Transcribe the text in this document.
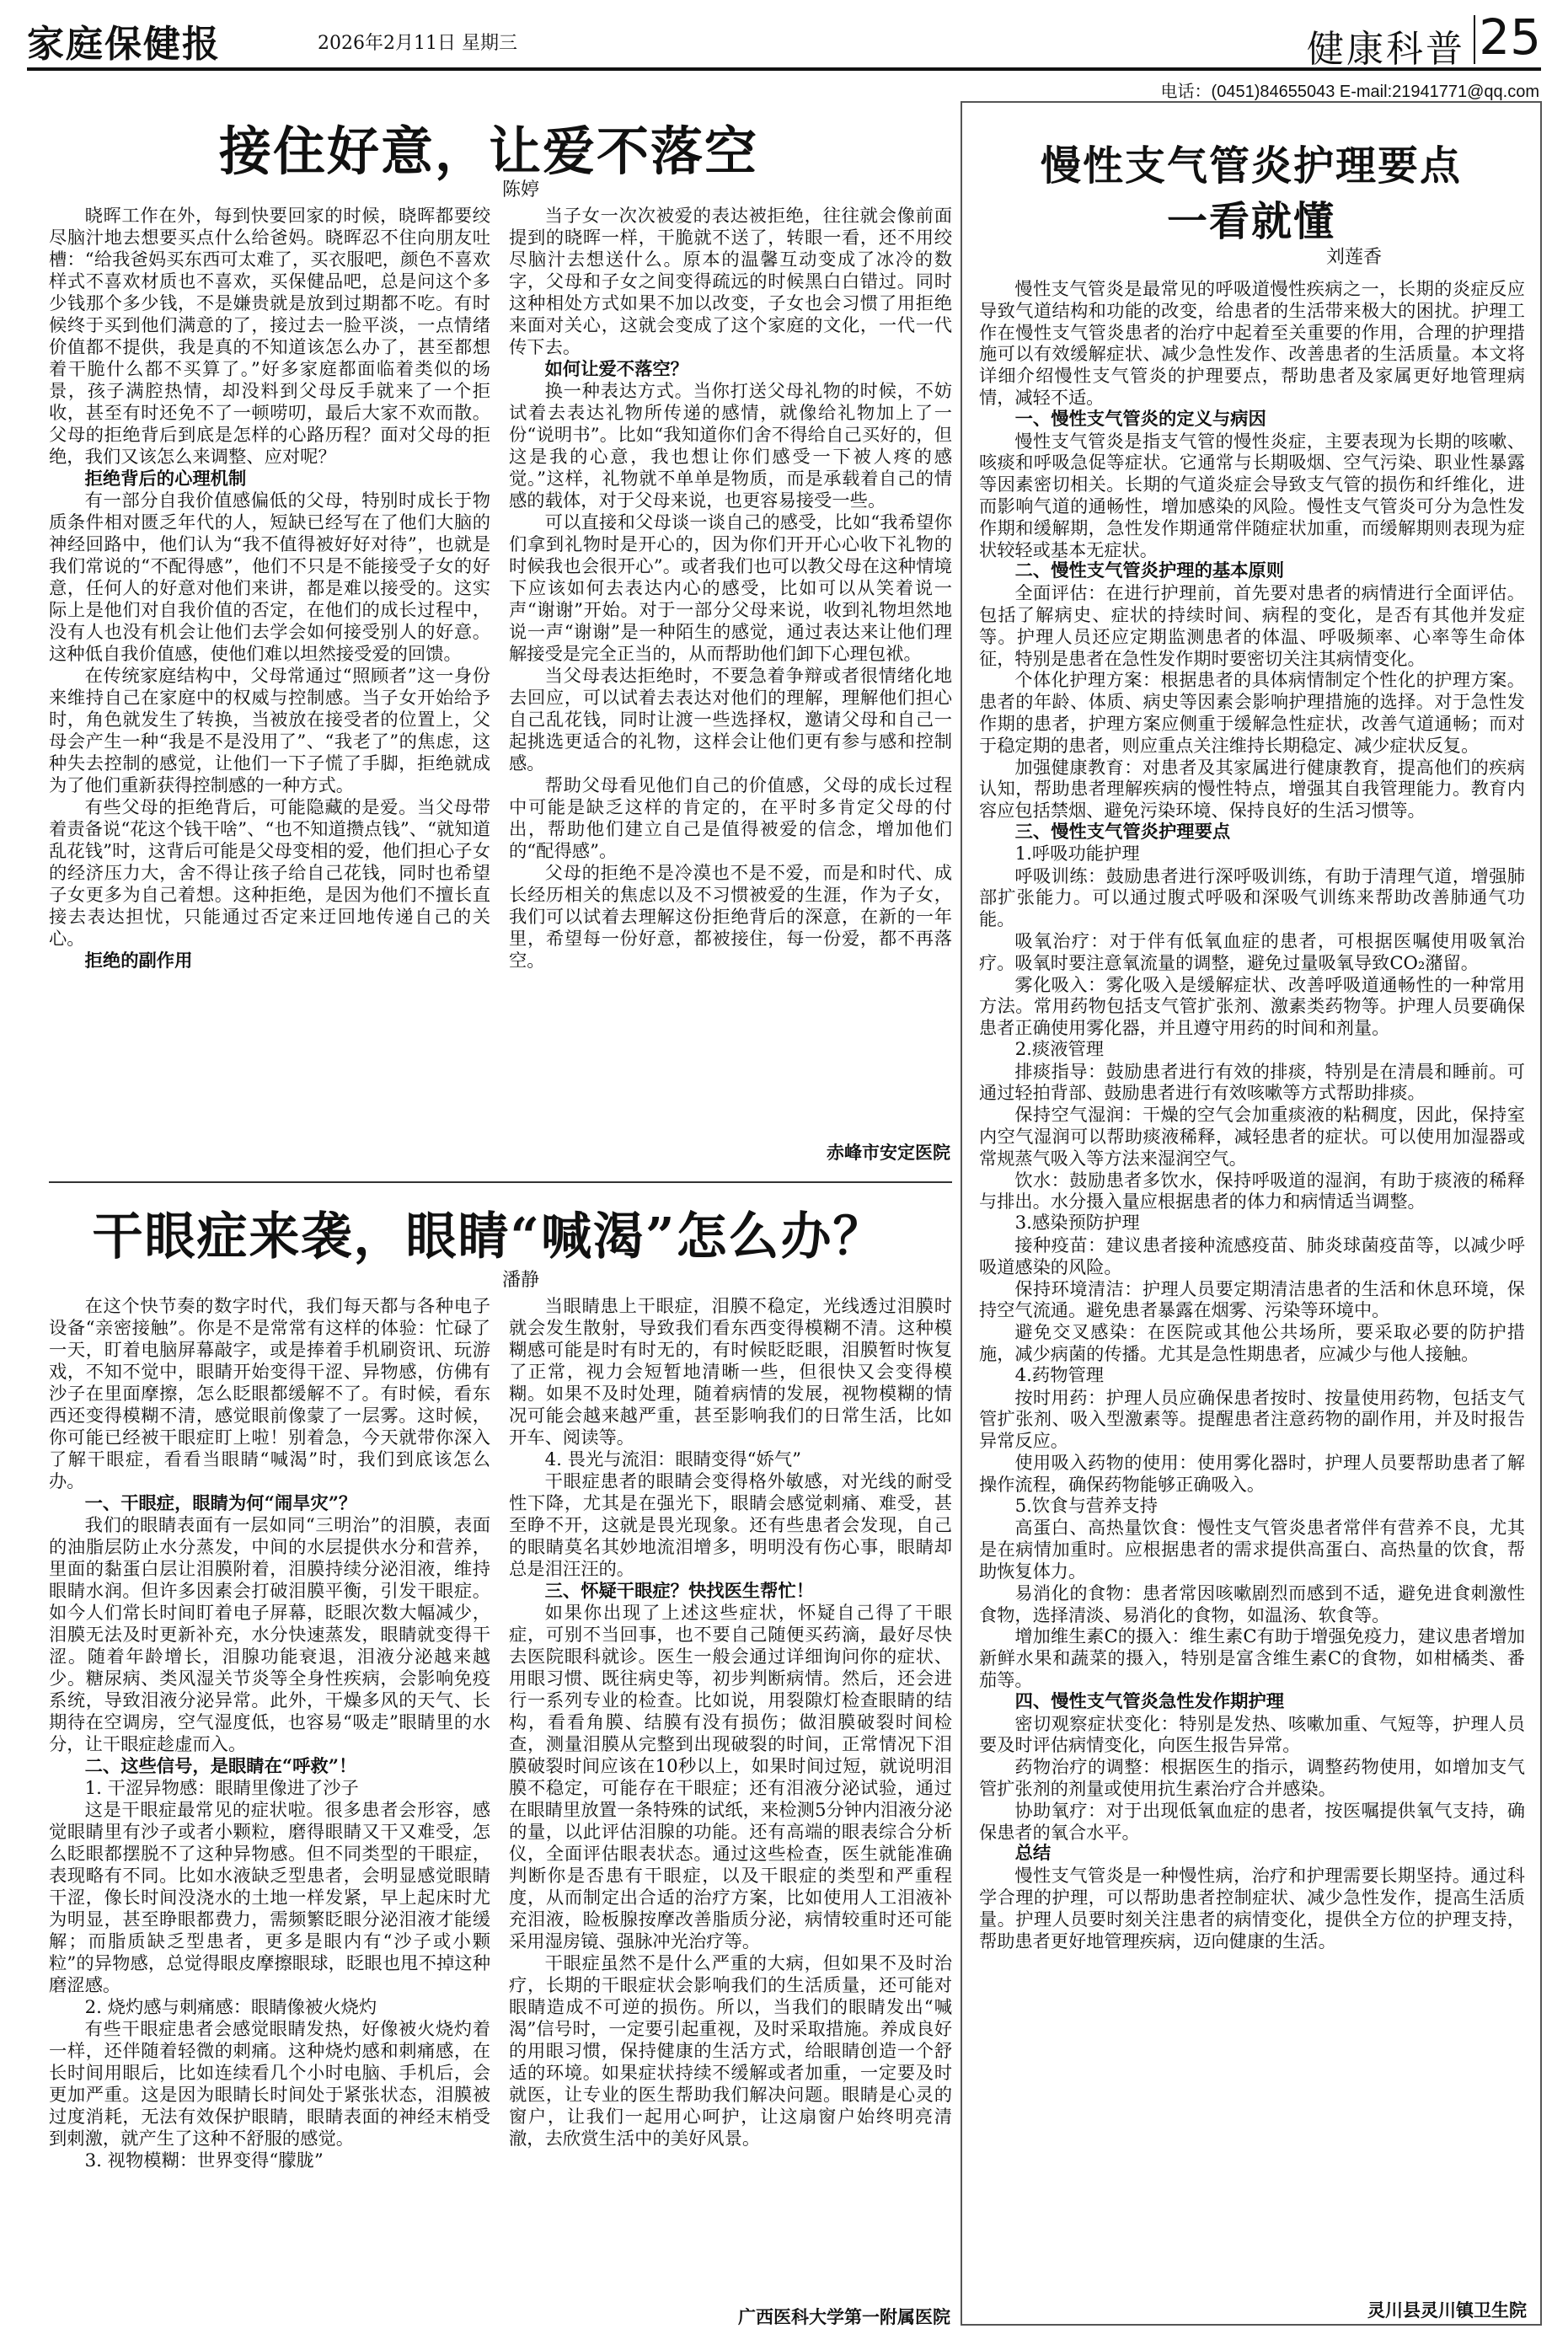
家庭保健报	2026年2月11日 星期三	健康科普 25
电话：(0451)84655043 E-mail:21941771@qq.com
接住好意，让爱不落空
陈婷

晓晖工作在外，每到快要回家的时候，晓晖都要绞尽脑汁地去想要买点什么给爸妈。晓晖忍不住向朋友吐槽：“给我爸妈买东西可太难了，买衣服吧，颜色不喜欢样式不喜欢材质也不喜欢，买保健品吧，总是问这个多少钱那个多少钱，不是嫌贵就是放到过期都不吃。有时候终于买到他们满意的了，接过去一脸平淡，一点情绪价值都不提供，我是真的不知道该怎么办了，甚至都想着干脆什么都不买算了。”好多家庭都面临着类似的场景，孩子满腔热情，却没料到父母反手就来了一个拒收，甚至有时还免不了一顿唠叨，最后大家不欢而散。父母的拒绝背后到底是怎样的心路历程？面对父母的拒绝，我们又该怎么来调整、应对呢？

拒绝背后的心理机制

有一部分自我价值感偏低的父母，特别时成长于物质条件相对匮乏年代的人，短缺已经写在了他们大脑的神经回路中，他们认为“我不值得被好好对待”，也就是我们常说的“不配得感”，他们不只是不能接受子女的好意，任何人的好意对他们来讲，都是难以接受的。这实际上是他们对自我价值的否定，在他们的成长过程中，没有人也没有机会让他们去学会如何接受别人的好意。这种低自我价值感，使他们难以坦然接受爱的回馈。

在传统家庭结构中，父母常通过“照顾者”这一身份来维持自己在家庭中的权威与控制感。当子女开始给予时，角色就发生了转换，当被放在接受者的位置上，父母会产生一种“我是不是没用了”、“我老了”的焦虑，这种失去控制的感觉，让他们一下子慌了手脚，拒绝就成为了他们重新获得控制感的一种方式。

有些父母的拒绝背后，可能隐藏的是爱。当父母带着责备说“花这个钱干啥”、“也不知道攒点钱”、“就知道乱花钱”时，这背后可能是父母变相的爱，他们担心子女的经济压力大，舍不得让孩子给自己花钱，同时也希望子女更多为自己着想。这种拒绝，是因为他们不擅长直接去表达担忧，只能通过否定来迂回地传递自己的关心。

拒绝的副作用

当子女一次次被爱的表达被拒绝，往往就会像前面提到的晓晖一样，干脆就不送了，转眼一看，还不用绞尽脑汁去想送什么。原本的温馨互动变成了冰冷的数字，父母和子女之间变得疏远的时候黑白白错过。同时这种相处方式如果不加以改变，子女也会习惯了用拒绝来面对关心，这就会变成了这个家庭的文化，一代一代传下去。

如何让爱不落空？

换一种表达方式。当你打送父母礼物的时候，不妨试着去表达礼物所传递的感情，就像给礼物加上了一份“说明书”。比如“我知道你们舍不得给自己买好的，但这是我的心意，我也想让你们感受一下被人疼的感觉。”这样，礼物就不单单是物质，而是承载着自己的情感的载体，对于父母来说，也更容易接受一些。

可以直接和父母谈一谈自己的感受，比如“我希望你们拿到礼物时是开心的，因为你们开开心心收下礼物的时候我也会很开心”。或者我们也可以教父母在这种情境下应该如何去表达内心的感受，比如可以从笑着说一声“谢谢”开始。对于一部分父母来说，收到礼物坦然地说一声“谢谢”是一种陌生的感觉，通过表达来让他们理解接受是完全正当的，从而帮助他们卸下心理包袱。

当父母表达拒绝时，不要急着争辩或者很情绪化地去回应，可以试着去表达对他们的理解，理解他们担心自己乱花钱，同时让渡一些选择权，邀请父母和自己一起挑选更适合的礼物，这样会让他们更有参与感和控制感。

帮助父母看见他们自己的价值感，父母的成长过程中可能是缺乏这样的肯定的，在平时多肯定父母的付出，帮助他们建立自己是值得被爱的信念，增加他们的“配得感”。

父母的拒绝不是冷漠也不是不爱，而是和时代、成长经历相关的焦虑以及不习惯被爱的生涯，作为子女，我们可以试着去理解这份拒绝背后的深意，在新的一年里，希望每一份好意，都被接住，每一份爱，都不再落空。

赤峰市安定医院
干眼症来袭，眼睛“喊渴”怎么办？
潘静

在这个快节奏的数字时代，我们每天都与各种电子设备“亲密接触”。你是不是常常有这样的体验：忙碌了一天，盯着电脑屏幕敲字，或是捧着手机刷资讯、玩游戏，不知不觉中，眼睛开始变得干涩、异物感，仿佛有沙子在里面摩擦，怎么眨眼都缓解不了。有时候，看东西还变得模糊不清，感觉眼前像蒙了一层雾。这时候，你可能已经被干眼症盯上啦！别着急，今天就带你深入了解干眼症，看看当眼睛“喊渴”时，我们到底该怎么办。

一、干眼症，眼睛为何“闹旱灾”？

我们的眼睛表面有一层如同“三明治”的泪膜，表面的油脂层防止水分蒸发，中间的水层提供水分和营养，里面的黏蛋白层让泪膜附着，泪膜持续分泌泪液，维持眼睛水润。但许多因素会打破泪膜平衡，引发干眼症。如今人们常长时间盯着电子屏幕，眨眼次数大幅减少，泪膜无法及时更新补充，水分快速蒸发，眼睛就变得干涩。随着年龄增长，泪腺功能衰退，泪液分泌越来越少。糖尿病、类风湿关节炎等全身性疾病，会影响免疫系统，导致泪液分泌异常。此外，干燥多风的天气、长期待在空调房，空气湿度低，也容易“吸走”眼睛里的水分，让干眼症趁虚而入。

二、这些信号，是眼睛在“呼救”！
1. 干涩异物感：眼睛里像进了沙子

这是干眼症最常见的症状啦。很多患者会形容，感觉眼睛里有沙子或者小颗粒，磨得眼睛又干又难受，怎么眨眼都摆脱不了这种异物感。但不同类型的干眼症，表现略有不同。比如水液缺乏型患者，会明显感觉眼睛干涩，像长时间没浇水的土地一样发紧，早上起床时尤为明显，甚至睁眼都费力，需频繁眨眼分泌泪液才能缓解；而脂质缺乏型患者，更多是眼内有“沙子或小颗粒”的异物感，总觉得眼皮摩擦眼球，眨眼也甩不掉这种磨涩感。

2. 烧灼感与刺痛感：眼睛像被火烧灼

有些干眼症患者会感觉眼睛发热，好像被火烧灼着一样，还伴随着轻微的刺痛。这种烧灼感和刺痛感，在长时间用眼后，比如连续看几个小时电脑、手机后，会更加严重。这是因为眼睛长时间处于紧张状态，泪膜被过度消耗，无法有效保护眼睛，眼睛表面的神经末梢受到刺激，就产生了这种不舒服的感觉。

3. 视物模糊：世界变得“朦胧”

当眼睛患上干眼症，泪膜不稳定，光线透过泪膜时就会发生散射，导致我们看东西变得模糊不清。这种模糊感可能是时有时无的，有时候眨眨眼，泪膜暂时恢复了正常，视力会短暂地清晰一些，但很快又会变得模糊。如果不及时处理，随着病情的发展，视物模糊的情况可能会越来越严重，甚至影响我们的日常生活，比如开车、阅读等。

4. 畏光与流泪：眼睛变得“娇气”

干眼症患者的眼睛会变得格外敏感，对光线的耐受性下降，尤其是在强光下，眼睛会感觉刺痛、难受，甚至睁不开，这就是畏光现象。还有些患者会发现，自己的眼睛莫名其妙地流泪增多，明明没有伤心事，眼睛却总是泪汪汪的。

三、怀疑干眼症？快找医生帮忙！

如果你出现了上述这些症状，怀疑自己得了干眼症，可别不当回事，也不要自己随便买药滴，最好尽快去医院眼科就诊。医生一般会通过详细询问你的症状、用眼习惯、既往病史等，初步判断病情。然后，还会进行一系列专业的检查。比如说，用裂隙灯检查眼睛的结构，看看角膜、结膜有没有损伤；做泪膜破裂时间检查，测量泪膜从完整到出现破裂的时间，正常情况下泪膜破裂时间应该在10秒以上，如果时间过短，就说明泪膜不稳定，可能存在干眼症；还有泪液分泌试验，通过在眼睛里放置一条特殊的试纸，来检测5分钟内泪液分泌的量，以此评估泪腺的功能。还有高端的眼表综合分析仪，全面评估眼表状态。通过这些检查，医生就能准确判断你是否患有干眼症，以及干眼症的类型和严重程度，从而制定出合适的治疗方案，比如使用人工泪液补充泪液，睑板腺按摩改善脂质分泌，病情较重时还可能采用湿房镜、强脉冲光治疗等。

干眼症虽然不是什么严重的大病，但如果不及时治疗，长期的干眼症状会影响我们的生活质量，还可能对眼睛造成不可逆的损伤。所以，当我们的眼睛发出“喊渴”信号时，一定要引起重视，及时采取措施。养成良好的用眼习惯，保持健康的生活方式，给眼睛创造一个舒适的环境。如果症状持续不缓解或者加重，一定要及时就医，让专业的医生帮助我们解决问题。眼睛是心灵的窗户，让我们一起用心呵护，让这扇窗户始终明亮清澈，去欣赏生活中的美好风景。

广西医科大学第一附属医院
慢性支气管炎护理要点
一看就懂
刘莲香

慢性支气管炎是最常见的呼吸道慢性疾病之一，长期的炎症反应导致气道结构和功能的改变，给患者的生活带来极大的困扰。护理工作在慢性支气管炎患者的治疗中起着至关重要的作用，合理的护理措施可以有效缓解症状、减少急性发作、改善患者的生活质量。本文将详细介绍慢性支气管炎的护理要点，帮助患者及家属更好地管理病情，减轻不适。

一、慢性支气管炎的定义与病因

慢性支气管炎是指支气管的慢性炎症，主要表现为长期的咳嗽、咳痰和呼吸急促等症状。它通常与长期吸烟、空气污染、职业性暴露等因素密切相关。长期的气道炎症会导致支气管的损伤和纤维化，进而影响气道的通畅性，增加感染的风险。慢性支气管炎可分为急性发作期和缓解期，急性发作期通常伴随症状加重，而缓解期则表现为症状较轻或基本无症状。

二、慢性支气管炎护理的基本原则

全面评估：在进行护理前，首先要对患者的病情进行全面评估。包括了解病史、症状的持续时间、病程的变化，是否有其他并发症等。护理人员还应定期监测患者的体温、呼吸频率、心率等生命体征，特别是患者在急性发作期时要密切关注其病情变化。

个体化护理方案：根据患者的具体病情制定个性化的护理方案。患者的年龄、体质、病史等因素会影响护理措施的选择。对于急性发作期的患者，护理方案应侧重于缓解急性症状，改善气道通畅；而对于稳定期的患者，则应重点关注维持长期稳定、减少症状反复。

加强健康教育：对患者及其家属进行健康教育，提高他们的疾病认知，帮助患者理解疾病的慢性特点，增强其自我管理能力。教育内容应包括禁烟、避免污染环境、保持良好的生活习惯等。

三、慢性支气管炎护理要点
1.呼吸功能护理

呼吸训练：鼓励患者进行深呼吸训练，有助于清理气道，增强肺部扩张能力。可以通过腹式呼吸和深吸气训练来帮助改善肺通气功能。

吸氧治疗：对于伴有低氧血症的患者，可根据医嘱使用吸氧治疗。吸氧时要注意氧流量的调整，避免过量吸氧导致CO₂潴留。

雾化吸入：雾化吸入是缓解症状、改善呼吸道通畅性的一种常用方法。常用药物包括支气管扩张剂、激素类药物等。护理人员要确保患者正确使用雾化器，并且遵守用药的时间和剂量。

2.痰液管理

排痰指导：鼓励患者进行有效的排痰，特别是在清晨和睡前。可通过轻拍背部、鼓励患者进行有效咳嗽等方式帮助排痰。

保持空气湿润：干燥的空气会加重痰液的粘稠度，因此，保持室内空气湿润可以帮助痰液稀释，减轻患者的症状。可以使用加湿器或常规蒸气吸入等方法来湿润空气。

饮水：鼓励患者多饮水，保持呼吸道的湿润，有助于痰液的稀释与排出。水分摄入量应根据患者的体力和病情适当调整。

3.感染预防护理

接种疫苗：建议患者接种流感疫苗、肺炎球菌疫苗等，以减少呼吸道感染的风险。

保持环境清洁：护理人员要定期清洁患者的生活和休息环境，保持空气流通。避免患者暴露在烟雾、污染等环境中。

避免交叉感染：在医院或其他公共场所，要采取必要的防护措施，减少病菌的传播。尤其是急性期患者，应减少与他人接触。

4.药物管理

按时用药：护理人员应确保患者按时、按量使用药物，包括支气管扩张剂、吸入型激素等。提醒患者注意药物的副作用，并及时报告异常反应。

使用吸入药物的使用：使用雾化器时，护理人员要帮助患者了解操作流程，确保药物能够正确吸入。

5.饮食与营养支持

高蛋白、高热量饮食：慢性支气管炎患者常伴有营养不良，尤其是在病情加重时。应根据患者的需求提供高蛋白、高热量的饮食，帮助恢复体力。

易消化的食物：患者常因咳嗽剧烈而感到不适，避免进食刺激性食物，选择清淡、易消化的食物，如温汤、软食等。

增加维生素C的摄入：维生素C有助于增强免疫力，建议患者增加新鲜水果和蔬菜的摄入，特别是富含维生素C的食物，如柑橘类、番茄等。

四、慢性支气管炎急性发作期护理

密切观察症状变化：特别是发热、咳嗽加重、气短等，护理人员要及时评估病情变化，向医生报告异常。

药物治疗的调整：根据医生的指示，调整药物使用，如增加支气管扩张剂的剂量或使用抗生素治疗合并感染。

协助氧疗：对于出现低氧血症的患者，按医嘱提供氧气支持，确保患者的氧合水平。

总结

慢性支气管炎是一种慢性病，治疗和护理需要长期坚持。通过科学合理的护理，可以帮助患者控制症状、减少急性发作，提高生活质量。护理人员要时刻关注患者的病情变化，提供全方位的护理支持，帮助患者更好地管理疾病，迈向健康的生活。

灵川县灵川镇卫生院
